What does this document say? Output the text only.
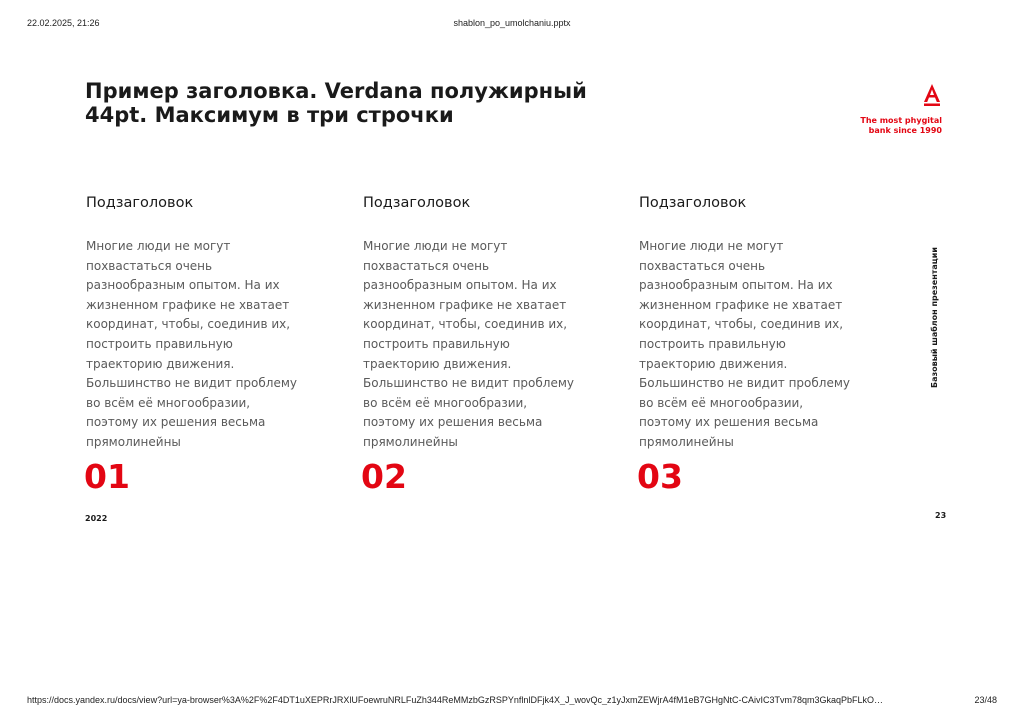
22.02.2025, 21:26	shablon_po_umolchaniu.pptx
Пример заголовка. Verdana полужирный
44pt. Максимум в три строчки	The most phygital
bank since 1990

Подзаголовок

Многие люди не могут
похвастаться очень
разнообразным опытом. На их
жизненном графике не хватает
координат, чтобы, соединив их,
построить правильную
траекторию движения.
Большинство не видит проблему
во всём её многообразии,
поэтому их решения весьма
прямолинейны

Подзаголовок

Многие люди не могут
похвастаться очень
разнообразным опытом. На их
жизненном графике не хватает
координат, чтобы, соединив их,
построить правильную
траекторию движения.
Большинство не видит проблему
во всём её многообразии,
поэтому их решения весьма
прямолинейны

Подзаголовок

Многие люди не могут
похвастаться очень
разнообразным опытом. На их
жизненном графике не хватает
координат, чтобы, соединив их,
построить правильную
траекторию движения.
Большинство не видит проблему
во всём её многообразии,
поэтому их решения весьма
прямолинейны

01	02	03
Базовый шаблон презентации
2022	23
https://docs.yandex.ru/docs/view?url=ya-browser%3A%2F%2F4DT1uXEPRrJRXlUFoewruNRLFuZh344ReMMzbGzRSPYnflnlDFjk4X_J_wovQc_z1yJxmZEWjrA4fM1eB7GHgNtC-CAivIC3Tvm78qm3GkaqPbFLkO…	23/48
